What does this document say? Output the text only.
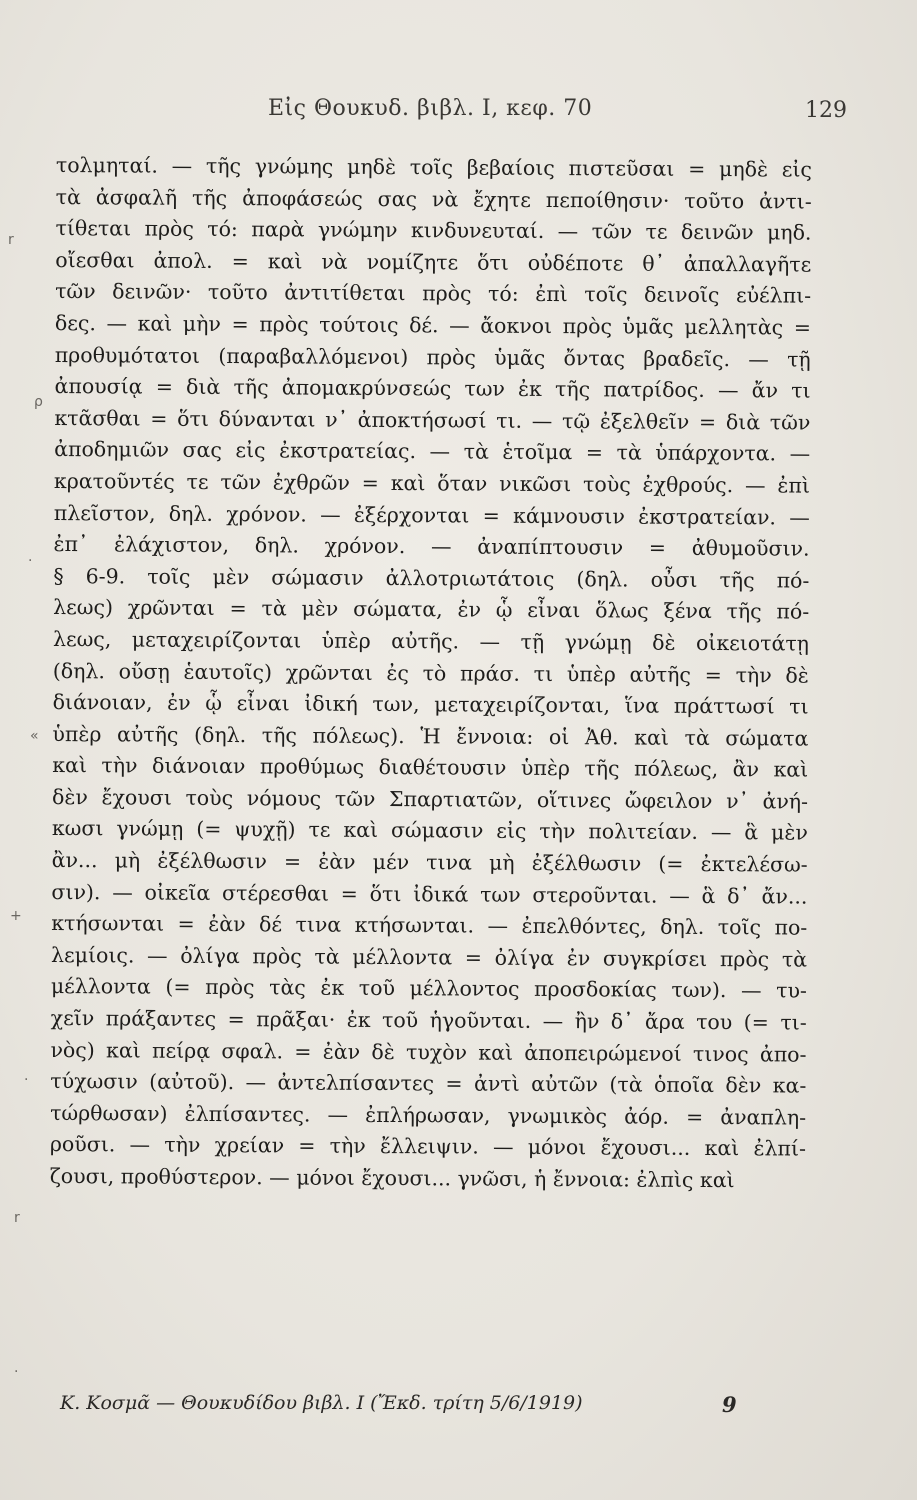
Εἰς Θουκυδ. βιβλ. Ι, κεφ. 70	129
r
ρ
·
«
+
·
r
·
τολμηταί. — τῆς γνώμης μηδὲ τοῖς βεβαίοις πιστεῦσαι = μηδὲ εἰς
τὰ ἀσφαλῆ τῆς ἀποφάσεώς σας νὰ ἔχητε πεποίθησιν· τοῦτο ἀντι-
τίθεται πρὸς τό: παρὰ γνώμην κινδυνευταί. — τῶν τε δεινῶν μηδ.
οἴεσθαι ἀπολ. = καὶ νὰ νομίζητε ὅτι οὐδέποτε θ᾽ ἀπαλλαγῆτε
τῶν δεινῶν· τοῦτο ἀντιτίθεται πρὸς τό: ἐπὶ τοῖς δεινοῖς εὐέλπι-
δες. — καὶ μὴν = πρὸς τούτοις δέ. — ἄοκνοι πρὸς ὑμᾶς μελλητὰς =
προθυμότατοι (παραβαλλόμενοι) πρὸς ὑμᾶς ὄντας βραδεῖς. — τῇ
ἀπουσίᾳ = διὰ τῆς ἀπομακρύνσεώς των ἐκ τῆς πατρίδος. — ἄν τι
κτᾶσθαι = ὅτι δύνανται ν᾽ ἀποκτήσωσί τι. — τῷ ἐξελθεῖν = διὰ τῶν
ἀποδημιῶν σας εἰς ἐκστρατείας. — τὰ ἑτοῖμα = τὰ ὑπάρχοντα. —
κρατοῦντές τε τῶν ἐχθρῶν = καὶ ὅταν νικῶσι τοὺς ἐχθρούς. — ἐπὶ
πλεῖστον, δηλ. χρόνον. — ἐξέρχονται = κάμνουσιν ἐκστρατείαν. —
ἐπ᾽ ἐλάχιστον, δηλ. χρόνον. — ἀναπίπτουσιν = ἀθυμοῦσιν.
§ 6-9. τοῖς μὲν σώμασιν ἀλλοτριωτάτοις (δηλ. οὖσι τῆς πό-
λεως) χρῶνται = τὰ μὲν σώματα, ἐν ᾧ εἶναι ὅλως ξένα τῆς πό-
λεως, μεταχειρίζονται ὑπὲρ αὐτῆς. — τῇ γνώμῃ δὲ οἰκειοτάτῃ
(δηλ. οὔσῃ ἑαυτοῖς) χρῶνται ἐς τὸ πράσ. τι ὑπὲρ αὐτῆς = τὴν δὲ
διάνοιαν, ἐν ᾧ εἶναι ἰδική των, μεταχειρίζονται, ἵνα πράττωσί τι
ὑπὲρ αὐτῆς (δηλ. τῆς πόλεως). Ἡ ἔννοια: οἱ Ἀθ. καὶ τὰ σώματα
καὶ τὴν διάνοιαν προθύμως διαθέτουσιν ὑπὲρ τῆς πόλεως, ἂν καὶ
δὲν ἔχουσι τοὺς νόμους τῶν Σπαρτιατῶν, οἵτινες ὤφειλον ν᾽ ἀνή-
κωσι γνώμῃ (= ψυχῇ) τε καὶ σώμασιν εἰς τὴν πολιτείαν. — ἃ μὲν
ἂν... μὴ ἐξέλθωσιν = ἐὰν μέν τινα μὴ ἐξέλθωσιν (= ἐκτελέσω-
σιν). — οἰκεῖα στέρεσθαι = ὅτι ἰδικά των στεροῦνται. — ἃ δ᾽ ἄν...
κτήσωνται = ἐὰν δέ τινα κτήσωνται. — ἐπελθόντες, δηλ. τοῖς πο-
λεμίοις. — ὀλίγα πρὸς τὰ μέλλοντα = ὀλίγα ἐν συγκρίσει πρὸς τὰ
μέλλοντα (= πρὸς τὰς ἐκ τοῦ μέλλοντος προσδοκίας των). — τυ-
χεῖν πράξαντες = πρᾶξαι· ἐκ τοῦ ἡγοῦνται. — ἢν δ᾽ ἄρα του (= τι-
νὸς) καὶ πείρᾳ σφαλ. = ἐὰν δὲ τυχὸν καὶ ἀποπειρώμενοί τινος ἀπο-
τύχωσιν (αὐτοῦ). — ἀντελπίσαντες = ἀντὶ αὐτῶν (τὰ ὁποῖα δὲν κα-
τώρθωσαν) ἐλπίσαντες. — ἐπλήρωσαν, γνωμικὸς ἀόρ. = ἀναπλη-
ροῦσι. — τὴν χρείαν = τὴν ἔλλειψιν. — μόνοι ἔχουσι... καὶ ἐλπί-
ζουσι, προθύστερον. — μόνοι ἔχουσι... γνῶσι, ἡ ἔννοια: ἐλπὶς καὶ
Κ. Κοσμᾶ — Θουκυδίδου βιβλ. Ι (Ἔκδ. τρίτη 5/6/1919)	9
